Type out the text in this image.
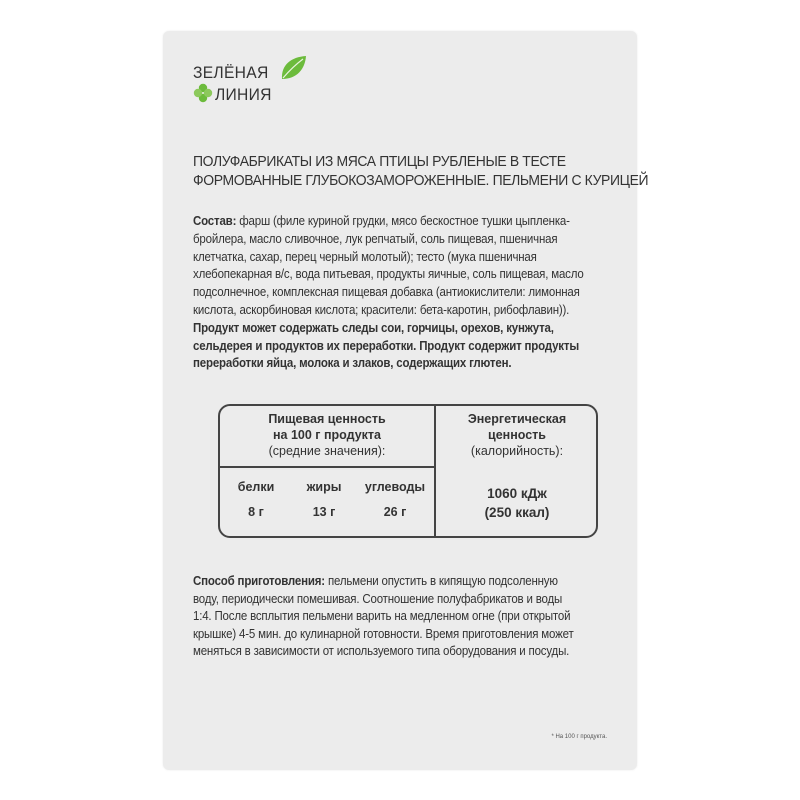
ЗЕЛЁНАЯ
ЛИНИЯ
ПОЛУФАБРИКАТЫ ИЗ МЯСА ПТИЦЫ РУБЛЕНЫЕ В ТЕСТЕ
ФОРМОВАННЫЕ ГЛУБОКОЗАМОРОЖЕННЫЕ. ПЕЛЬМЕНИ С КУРИЦЕЙ
Состав: фарш (филе куриной грудки, мясо бескостное тушки цыпленка-
бройлера, масло сливочное, лук репчатый, соль пищевая, пшеничная
клетчатка, сахар, перец черный молотый); тесто (мука пшеничная
хлебопекарная в/с, вода питьевая, продукты яичные, соль пищевая, масло
подсолнечное, комплексная пищевая добавка (антиокислители: лимонная
кислота, аскорбиновая кислота; красители: бета-каротин, рибофлавин)).
Продукт может содержать следы сои, горчицы, орехов, кунжута,
сельдерея и продуктов их переработки. Продукт содержит продукты
переработки яйца, молока и злаков, содержащих глютен.
Пищевая ценность
на 100 г продукта
(средние значения):
Энергетическая
ценность
(калорийность):
белки
8 г
жиры
13 г
углеводы
26 г
1060 кДж
(250 ккал)
Способ приготовления: пельмени опустить в кипящую подсоленную
воду, периодически помешивая. Соотношение полуфабрикатов и воды
1:4. После всплытия пельмени варить на медленном огне (при открытой
крышке) 4-5 мин. до кулинарной готовности. Время приготовления может
меняться в зависимости от используемого типа оборудования и посуды.
* На 100 г продукта.
